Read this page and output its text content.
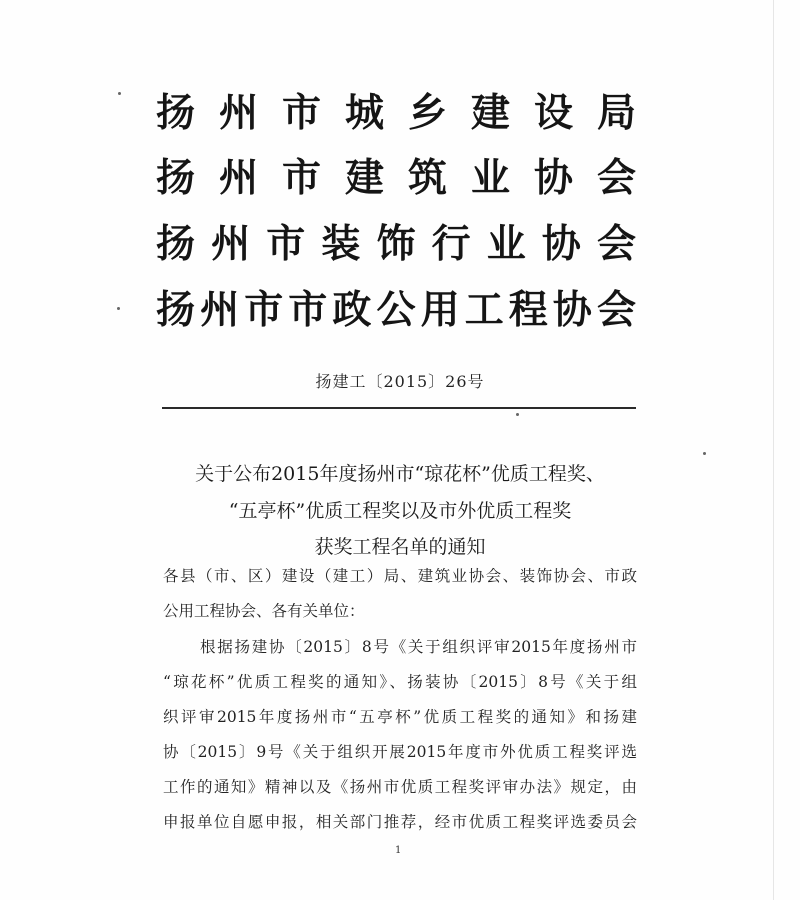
扬州市城乡建设局
扬州市建筑业协会
扬州市装饰行业协会
扬州市市政公用工程协会
扬建工〔2015〕26号
关于公布2015年度扬州市“琼花杯”优质工程奖、
“五亭杯”优质工程奖以及市外优质工程奖
获奖工程名单的通知
各县（市、区）建设（建工）局、建筑业协会、装饰协会、市政
公用工程协会、各有关单位：
根据扬建协〔2015〕8号《关于组织评审2015年度扬州市
“琼花杯”优质工程奖的通知》、扬装协〔2015〕8号《关于组
织评审2015年度扬州市“五亭杯”优质工程奖的通知》和扬建
协〔2015〕9号《关于组织开展2015年度市外优质工程奖评选
工作的通知》精神以及《扬州市优质工程奖评审办法》规定，由
申报单位自愿申报，相关部门推荐，经市优质工程奖评选委员会
1
